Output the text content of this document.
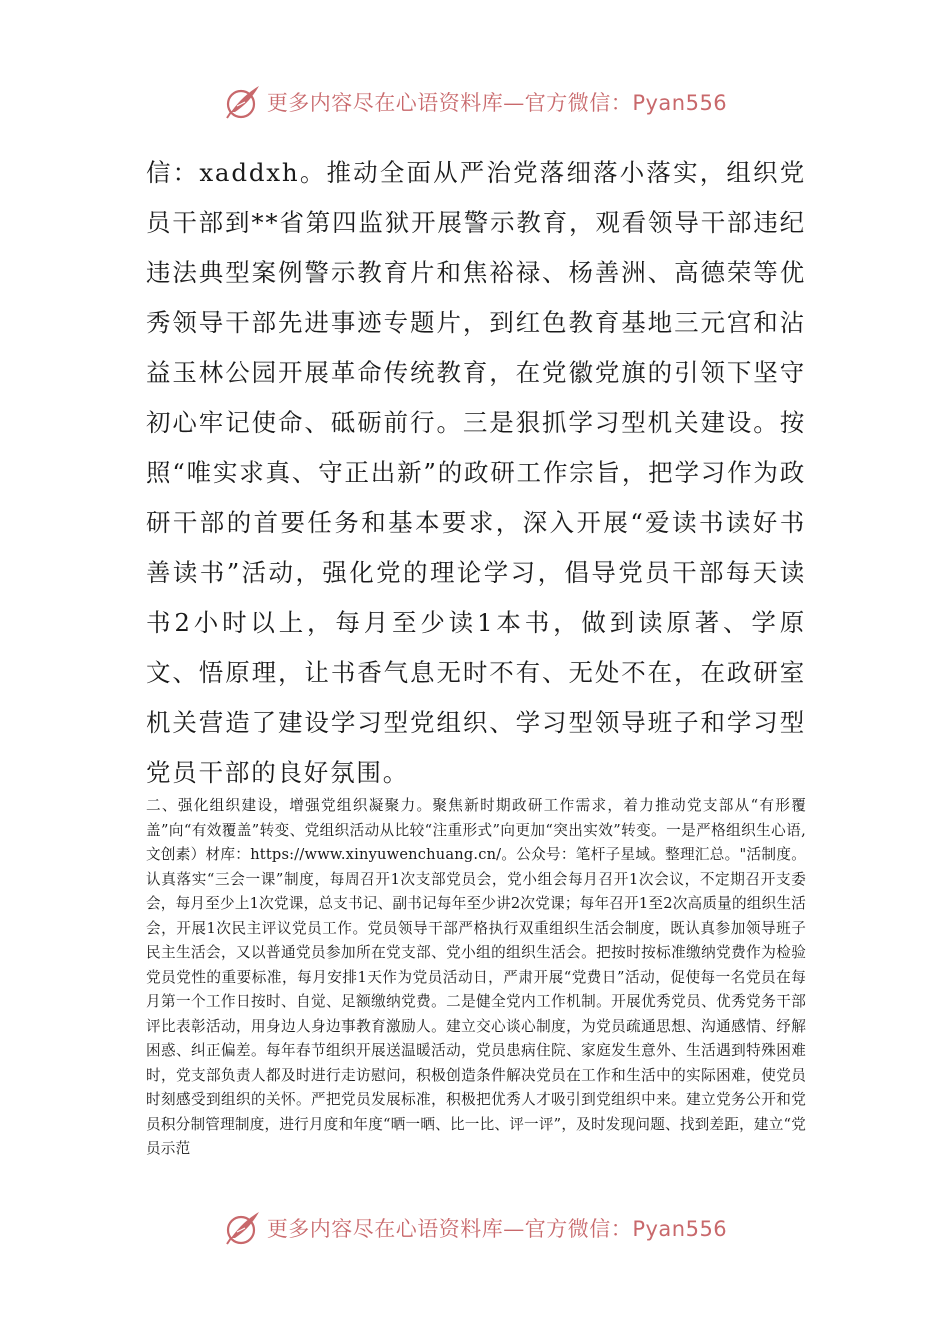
更多内容尽在心语资料库—官方微信：Pyan556

信：xaddxh。推动全面从严治党落细落小落实，组织党员干部到**省第四监狱开展警示教育，观看领导干部违纪违法典型案例警示教育片和焦裕禄、杨善洲、高德荣等优秀领导干部先进事迹专题片，到红色教育基地三元宫和沾益玉林公园开展革命传统教育，在党徽党旗的引领下坚守初心牢记使命、砥砺前行。三是狠抓学习型机关建设。按照“唯实求真、守正出新”的政研工作宗旨，把学习作为政研干部的首要任务和基本要求，深入开展“爱读书读好书善读书”活动，强化党的理论学习，倡导党员干部每天读书2小时以上，每月至少读1本书，做到读原著、学原文、悟原理，让书香气息无时不有、无处不在，在政研室机关营造了建设学习型党组织、学习型领导班子和学习型党员干部的良好氛围。

二、强化组织建设，增强党组织凝聚力。聚焦新时期政研工作需求，着力推动党支部从“有形覆盖”向“有效覆盖”转变、党组织活动从比较“注重形式”向更加“突出实效”转变。一是严格组织生心语,文创素）材库：https://www.xinyuwenchuang.cn/。公众号：笔杆子星域。整理汇总。"活制度。认真落实“三会一课”制度，每周召开1次支部党员会，党小组会每月召开1次会议，不定期召开支委会，每月至少上1次党课，总支书记、副书记每年至少讲2次党课；每年召开1至2次高质量的组织生活会，开展1次民主评议党员工作。党员领导干部严格执行双重组织生活会制度，既认真参加领导班子民主生活会，又以普通党员参加所在党支部、党小组的组织生活会。把按时按标准缴纳党费作为检验党员党性的重要标准，每月安排1天作为党员活动日，严肃开展“党费日”活动，促使每一名党员在每月第一个工作日按时、自觉、足额缴纳党费。二是健全党内工作机制。开展优秀党员、优秀党务干部评比表彰活动，用身边人身边事教育激励人。建立交心谈心制度，为党员疏通思想、沟通感情、纾解困惑、纠正偏差。每年春节组织开展送温暖活动，党员患病住院、家庭发生意外、生活遇到特殊困难时，党支部负责人都及时进行走访慰问，积极创造条件解决党员在工作和生活中的实际困难，使党员时刻感受到组织的关怀。严把党员发展标准，积极把优秀人才吸引到党组织中来。建立党务公开和党员积分制管理制度，进行月度和年度“晒一晒、比一比、评一评”，及时发现问题、找到差距，建立“党员示范

更多内容尽在心语资料库—官方微信：Pyan556
